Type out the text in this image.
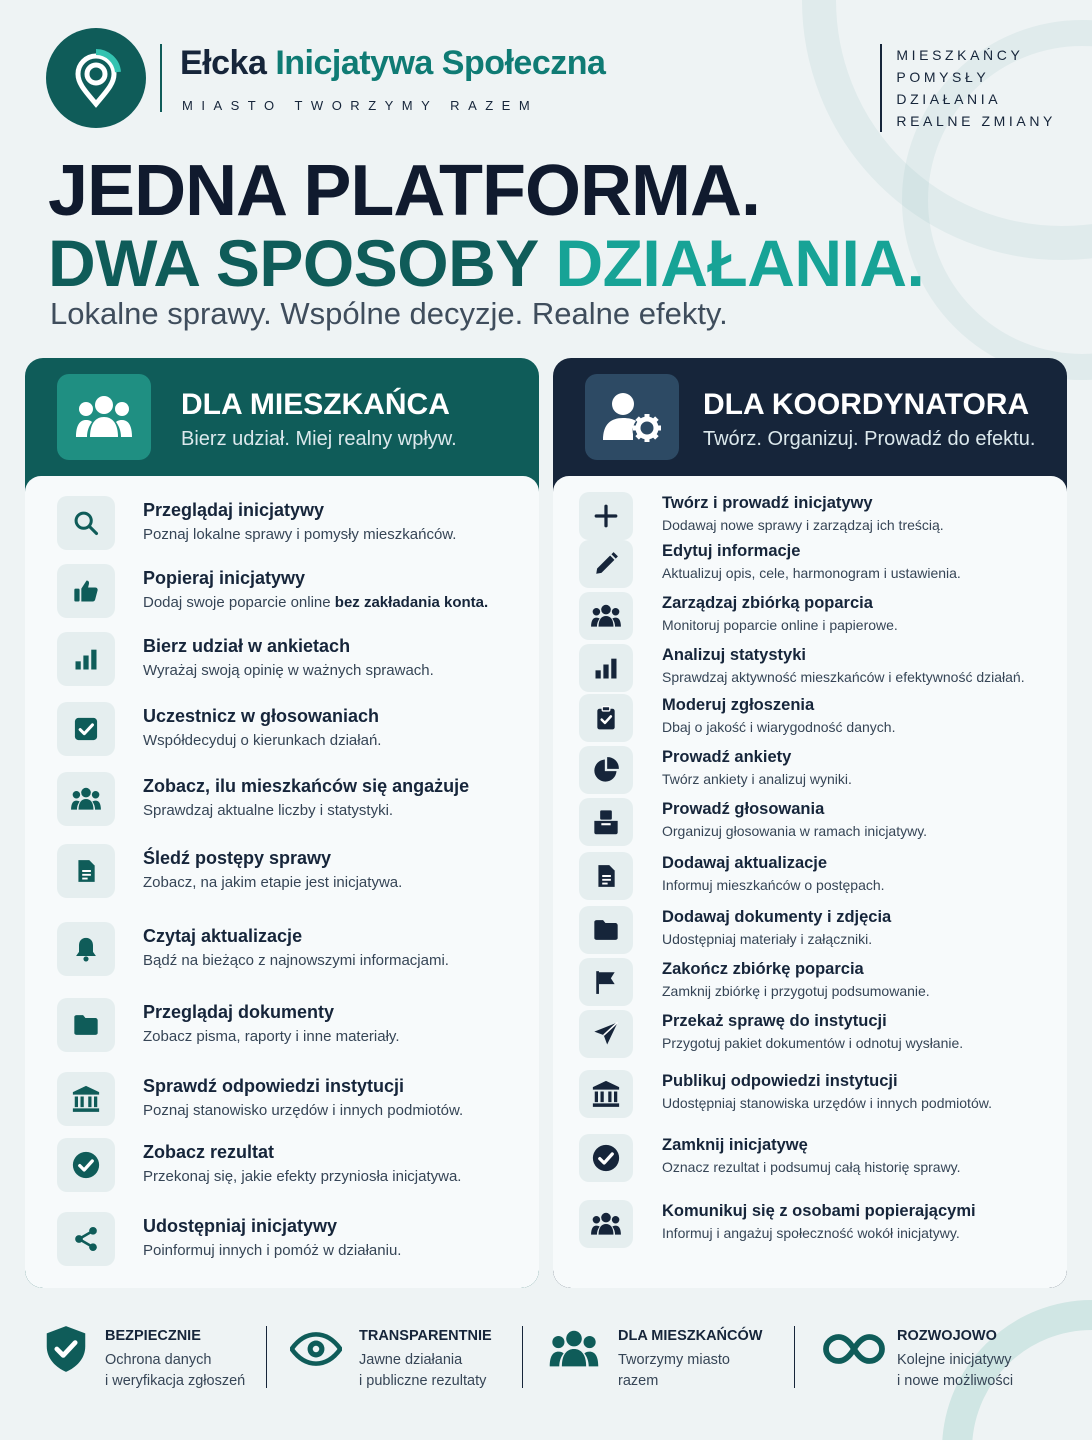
Ełcka Inicjatywa Społeczna
MIASTO TWORZYMY RAZEM
MIESZKAŃCY
POMYSŁY
DZIAŁANIA
REALNE ZMIANY
JEDNA PLATFORMA.
DWA SPOSOBY DZIAŁANIA.
Lokalne sprawy. Wspólne decyzje. Realne efekty.
DLA MIESZKAŃCA
Bierz udział. Miej realny wpływ.
Przeglądaj inicjatywy
Poznaj lokalne sprawy i pomysły mieszkańców.
Popieraj inicjatywy
Dodaj swoje poparcie online bez zakładania konta.
Bierz udział w ankietach
Wyrażaj swoją opinię w ważnych sprawach.
Uczestnicz w głosowaniach
Współdecyduj o kierunkach działań.
Zobacz, ilu mieszkańców się angażuje
Sprawdzaj aktualne liczby i statystyki.
Śledź postępy sprawy
Zobacz, na jakim etapie jest inicjatywa.
Czytaj aktualizacje
Bądź na bieżąco z najnowszymi informacjami.
Przeglądaj dokumenty
Zobacz pisma, raporty i inne materiały.
Sprawdź odpowiedzi instytucji
Poznaj stanowisko urzędów i innych podmiotów.
Zobacz rezultat
Przekonaj się, jakie efekty przyniosła inicjatywa.
Udostępniaj inicjatywy
Poinformuj innych i pomóż w działaniu.
DLA KOORDYNATORA
Twórz. Organizuj. Prowadź do efektu.
Twórz i prowadź inicjatywy
Dodawaj nowe sprawy i zarządzaj ich treścią.
Edytuj informacje
Aktualizuj opis, cele, harmonogram i ustawienia.
Zarządzaj zbiórką poparcia
Monitoruj poparcie online i papierowe.
Analizuj statystyki
Sprawdzaj aktywność mieszkańców i efektywność działań.
Moderuj zgłoszenia
Dbaj o jakość i wiarygodność danych.
Prowadź ankiety
Twórz ankiety i analizuj wyniki.
Prowadź głosowania
Organizuj głosowania w ramach inicjatywy.
Dodawaj aktualizacje
Informuj mieszkańców o postępach.
Dodawaj dokumenty i zdjęcia
Udostępniaj materiały i załączniki.
Zakończ zbiórkę poparcia
Zamknij zbiórkę i przygotuj podsumowanie.
Przekaż sprawę do instytucji
Przygotuj pakiet dokumentów i odnotuj wysłanie.
Publikuj odpowiedzi instytucji
Udostępniaj stanowiska urzędów i innych podmiotów.
Zamknij inicjatywę
Oznacz rezultat i podsumuj całą historię sprawy.
Komunikuj się z osobami popierającymi
Informuj i angażuj społeczność wokół inicjatywy.
BEZPIECZNIE
Ochrona danych
i weryfikacja zgłoszeń
TRANSPARENTNIE
Jawne działania
i publiczne rezultaty
DLA MIESZKAŃCÓW
Tworzymy miasto
razem
ROZWOJOWO
Kolejne inicjatywy
i nowe możliwości
